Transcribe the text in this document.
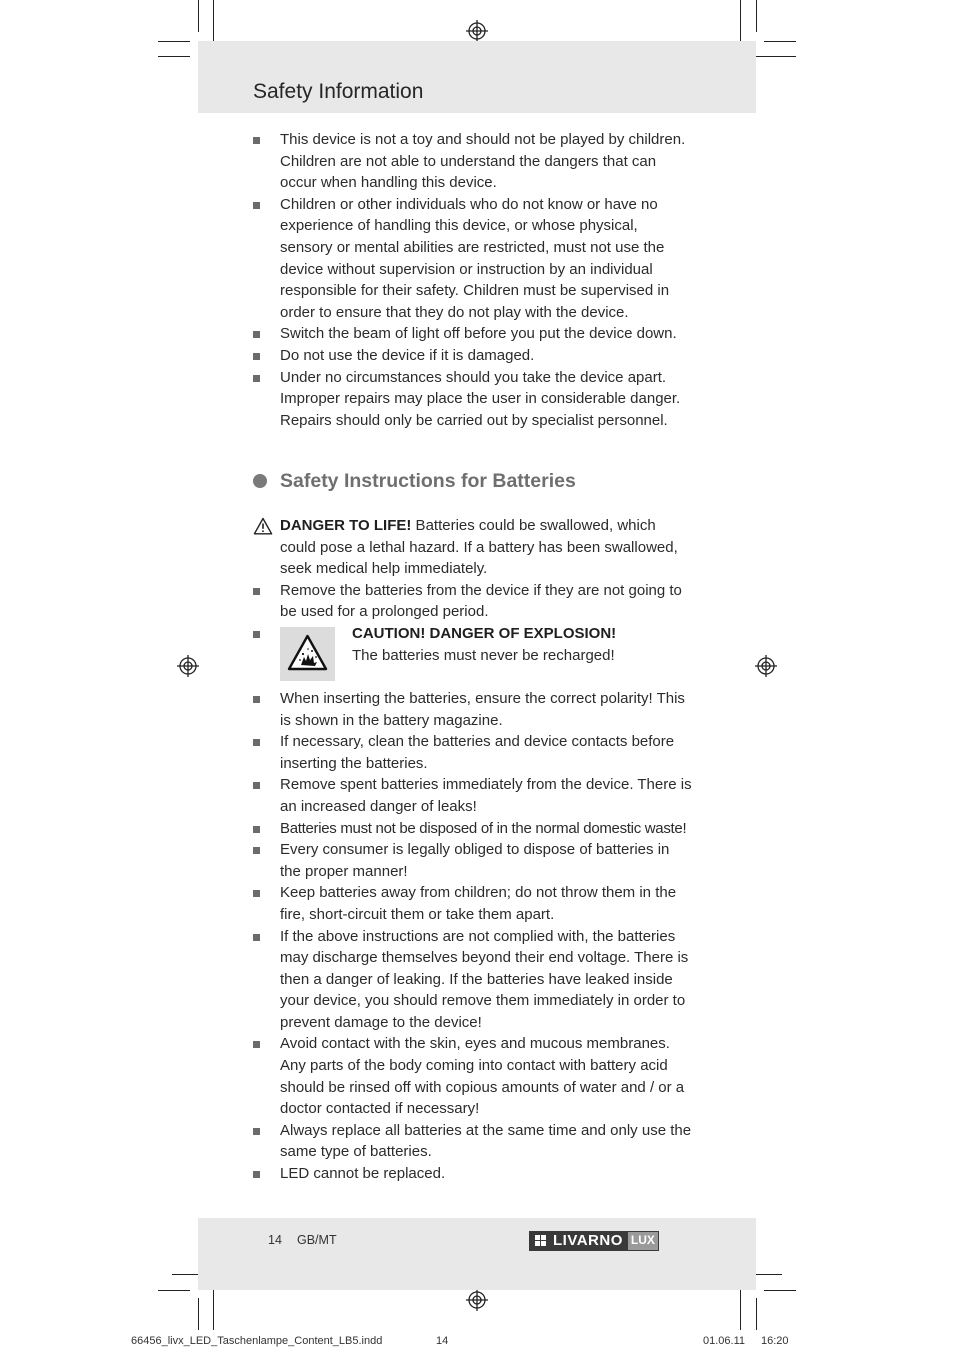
Safety Information
This device is not a toy and should not be played by children. Children are not able to understand the dangers that can occur when handling this device.
Children or other individuals who do not know or have no experience of handling this device, or whose physical, sensory or mental abilities are restricted, must not use the device without supervision or instruction by an individual responsible for their safety. Children must be supervised in order to ensure that they do not play with the device.
Switch the beam of light off before you put the device down.
Do not use the device if it is damaged.
Under no circumstances should you take the device apart. Improper repairs may place the user in considerable danger. Repairs should only be carried out by specialist personnel.
Safety Instructions for Batteries
DANGER TO LIFE! Batteries could be swallowed, which could pose a lethal hazard. If a battery has been swallowed, seek medical help immediately.
Remove the batteries from the device if they are not going to be used for a prolonged period.
CAUTION! DANGER OF EXPLOSION!
The batteries must never be recharged!
When inserting the batteries, ensure the correct polarity! This is shown in the battery magazine.
If necessary, clean the batteries and device contacts before inserting the batteries.
Remove spent batteries immediately from the device. There is an increased danger of leaks!
Batteries must not be disposed of in the normal domestic waste!
Every consumer is legally obliged to dispose of batteries in the proper manner!
Keep batteries away from children; do not throw them in the fire, short-circuit them or take them apart.
If the above instructions are not complied with, the batteries may discharge themselves beyond their end voltage. There is then a danger of leaking. If the batteries have leaked inside your device, you should remove them immediately in order to prevent damage to the device!
Avoid contact with the skin, eyes and mucous membranes. Any parts of the body coming into contact with battery acid should be rinsed off with copious amounts of water and / or a doctor contacted if necessary!
Always replace all batteries at the same time and only use the same type of batteries.
LED cannot be replaced.
14 GB/MT	LIVARNO LUX
66456_livx_LED_Taschenlampe_Content_LB5.indd	14	01.06.11 16:20
